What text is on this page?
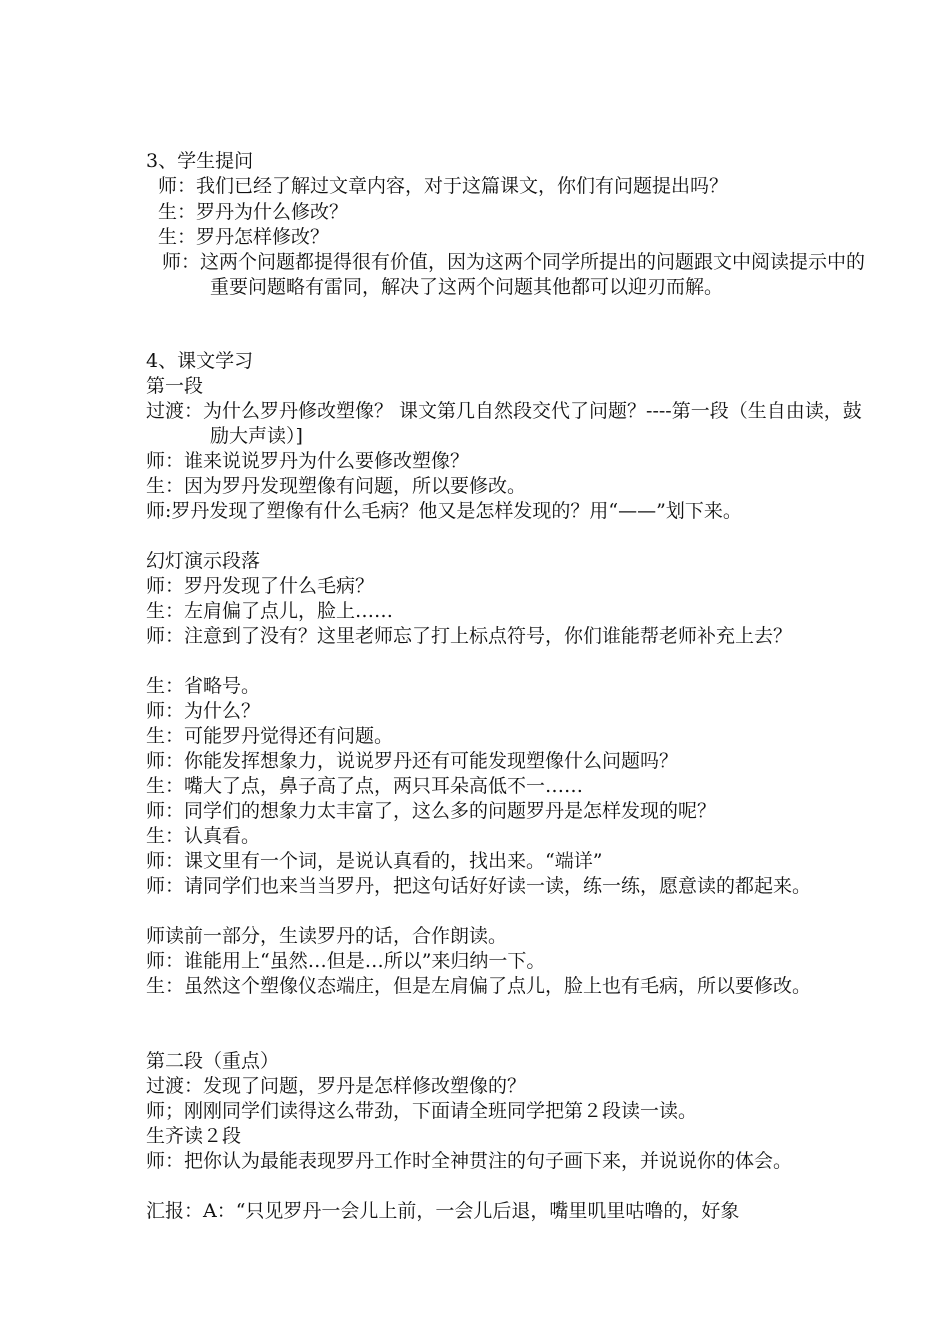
3、学生提问
师：我们已经了解过文章内容，对于这篇课文，你们有问题提出吗？
生：罗丹为什么修改？
生：罗丹怎样修改？
师：这两个问题都提得很有价值，因为这两个同学所提出的问题跟文中阅读提示中的重要问题略有雷同，解决了这两个问题其他都可以迎刃而解。
4、课文学习
第一段
过渡：为什么罗丹修改塑像？ 课文第几自然段交代了问题？----第一段（生自由读，鼓励大声读）]
师：谁来说说罗丹为什么要修改塑像？
生：因为罗丹发现塑像有问题，所以要修改。
师:罗丹发现了塑像有什么毛病？他又是怎样发现的？用“——”划下来。
幻灯演示段落
师：罗丹发现了什么毛病？
生：左肩偏了点儿，脸上……
师：注意到了没有？这里老师忘了打上标点符号，你们谁能帮老师补充上去？
生：省略号。
师：为什么？
生：可能罗丹觉得还有问题。
师：你能发挥想象力，说说罗丹还有可能发现塑像什么问题吗？
生：嘴大了点，鼻子高了点，两只耳朵高低不一……
师：同学们的想象力太丰富了，这么多的问题罗丹是怎样发现的呢？
生：认真看。
师：课文里有一个词，是说认真看的，找出来。“端详”
师：请同学们也来当当罗丹，把这句话好好读一读，练一练，愿意读的都起来。
师读前一部分，生读罗丹的话，合作朗读。
师：谁能用上“虽然…但是…所以”来归纳一下。
生：虽然这个塑像仪态端庄，但是左肩偏了点儿，脸上也有毛病，所以要修改。
第二段（重点）
过渡：发现了问题，罗丹是怎样修改塑像的？
师；刚刚同学们读得这么带劲，下面请全班同学把第２段读一读。
生齐读２段
师：把你认为最能表现罗丹工作时全神贯注的句子画下来，并说说你的体会。
汇报：A：“只见罗丹一会儿上前，一会儿后退，嘴里叽里咕噜的，好象
